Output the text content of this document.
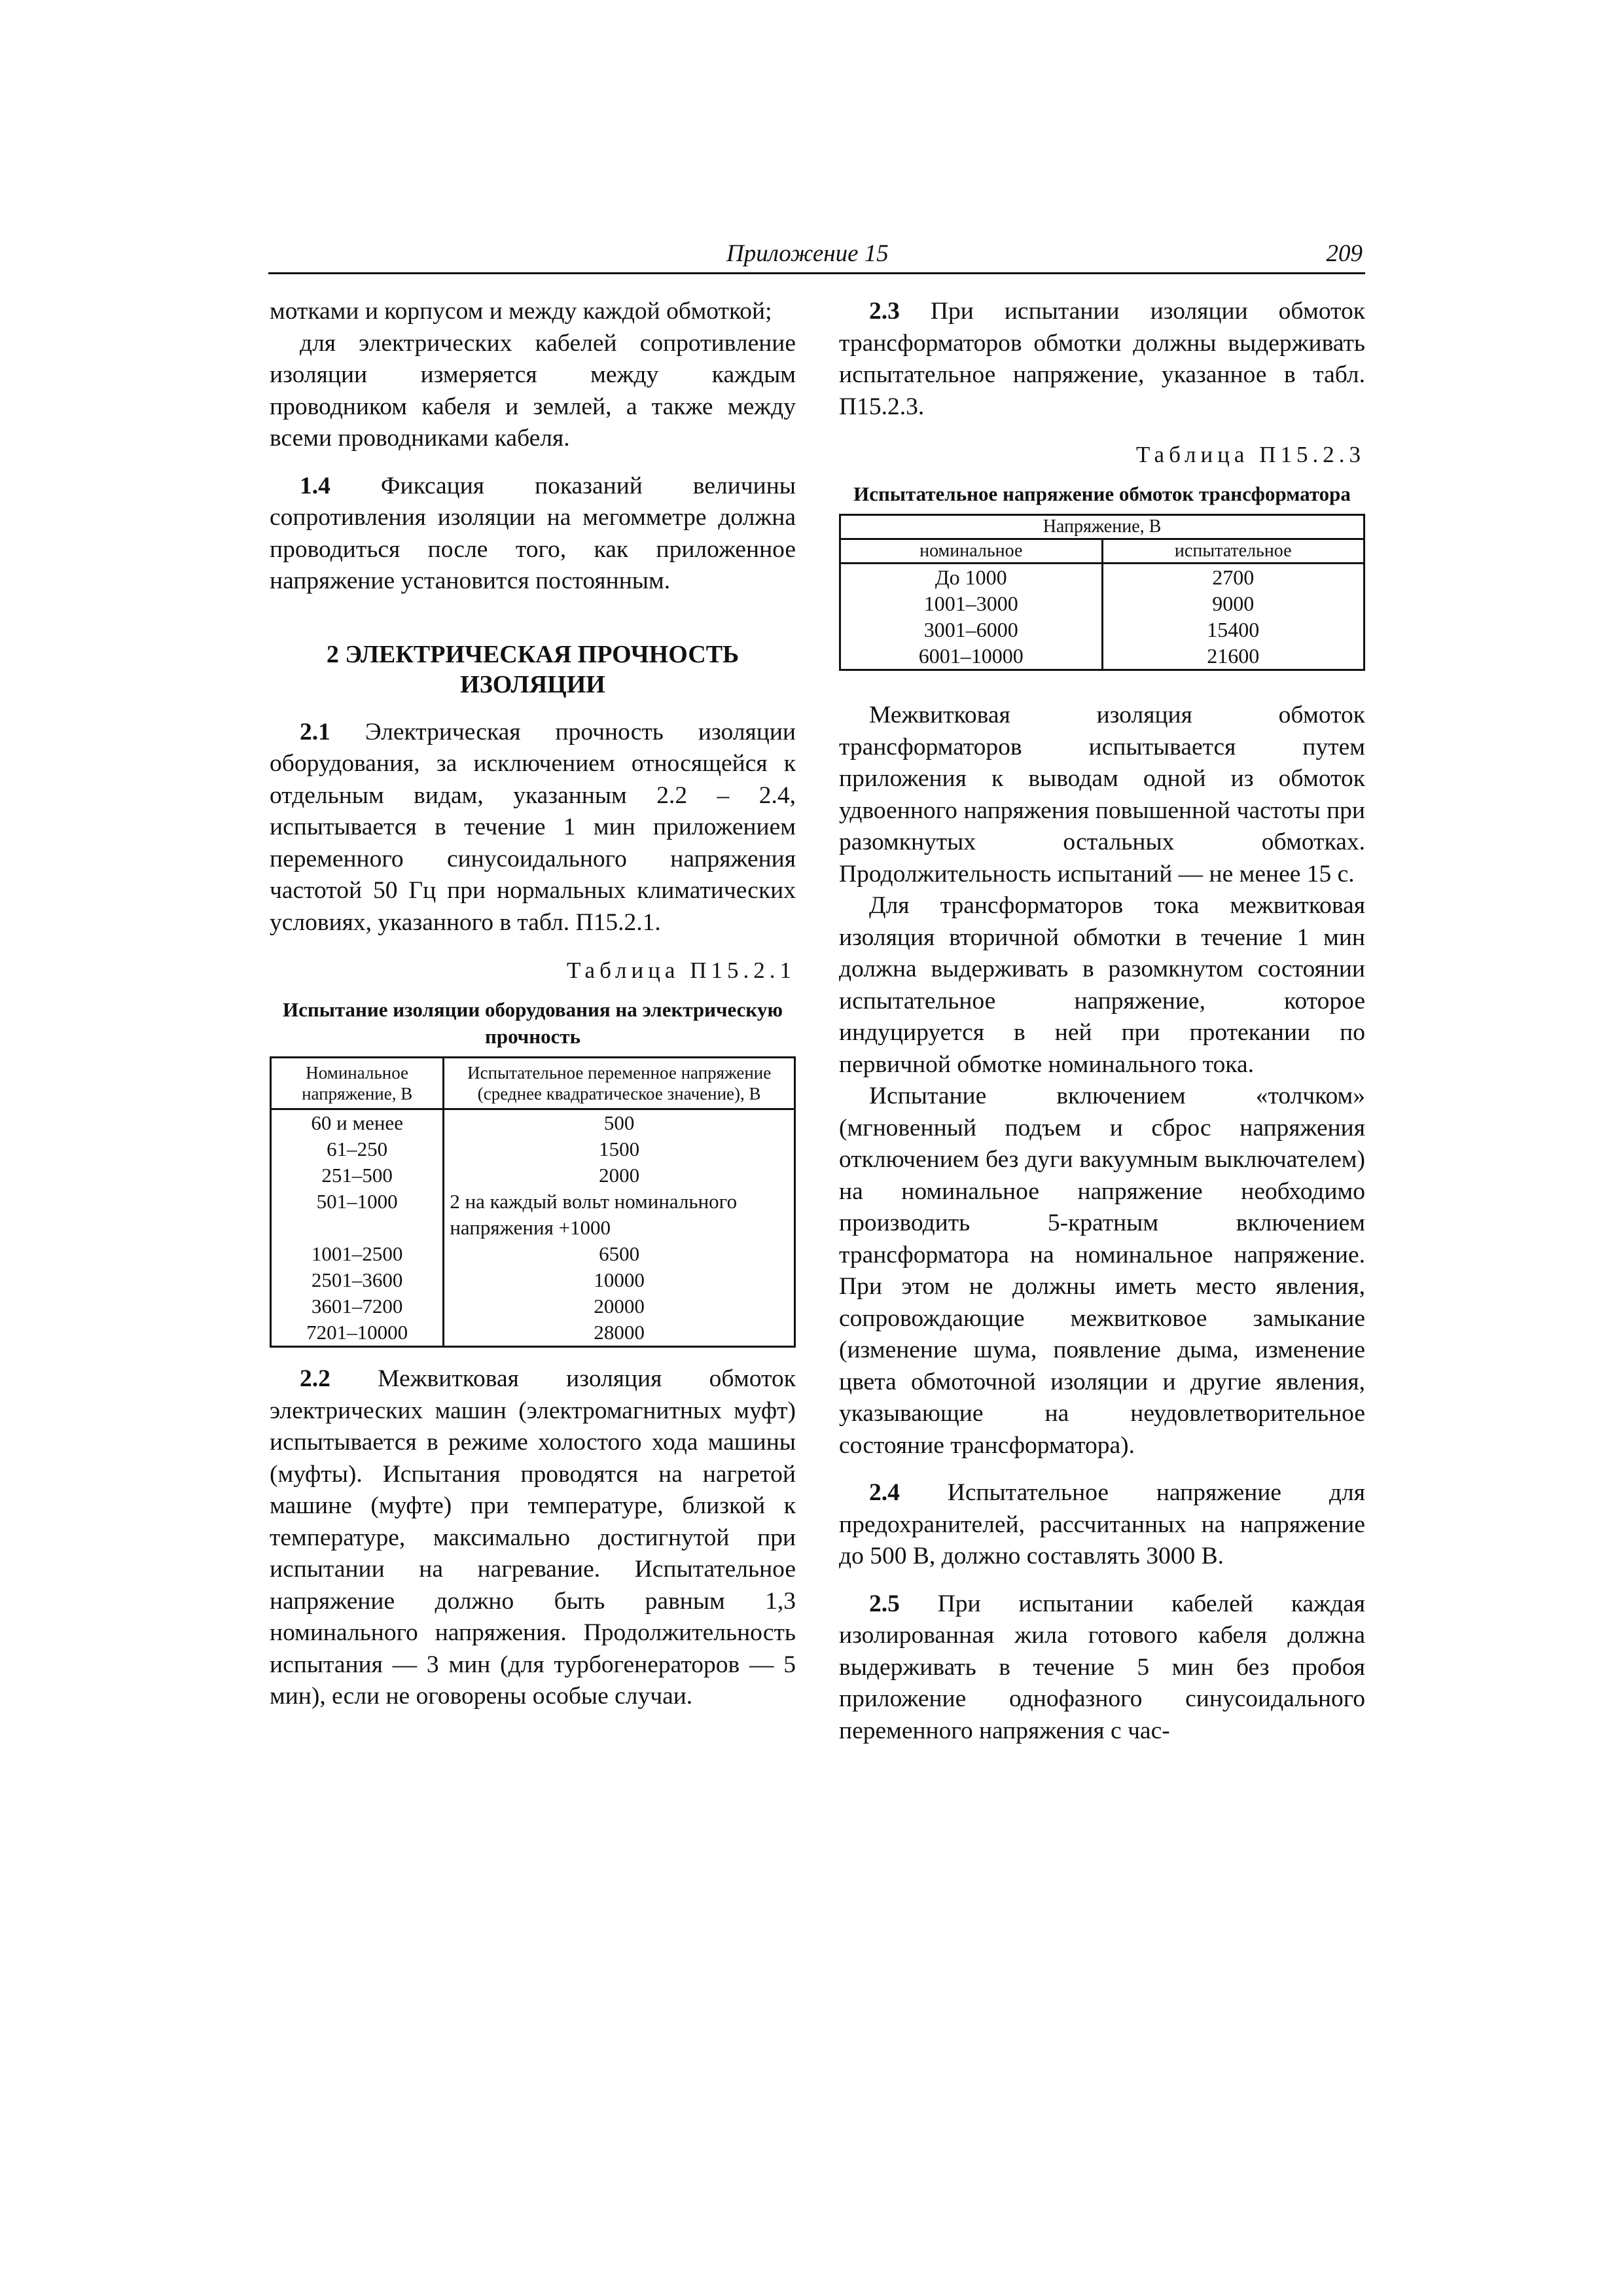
Приложение 15	209

мотками и корпусом и между каждой обмоткой;

для электрических кабелей сопротивление изоляции измеряется между каждым проводником кабеля и землей, а также между всеми проводниками кабеля.

1.4 Фиксация показаний величины сопротивления изоляции на мегомметре должна проводиться после того, как приложенное напряжение установится постоянным.

2 ЭЛЕКТРИЧЕСКАЯ ПРОЧНОСТЬ ИЗОЛЯЦИИ

2.1 Электрическая прочность изоляции оборудования, за исключением относящейся к отдельным видам, указанным 2.2 – 2.4, испытывается в течение 1 мин приложением переменного синусоидального напряжения частотой 50 Гц при нормальных климатических условиях, указанного в табл. П15.2.1.

Таблица П15.2.1
Испытание изоляции оборудования на электрическую прочность
Номинальное напряжение, В	Испытательное переменное напряжение (среднее квадратическое значение), В
60 и менее	500
61–250	1500
251–500	2000
501–1000	2 на каждый вольт номинального напряжения +1000
1001–2500	6500
2501–3600	10000
3601–7200	20000
7201–10000	28000

2.2 Межвитковая изоляция обмоток электрических машин (электромагнитных муфт) испытывается в режиме холостого хода машины (муфты). Испытания проводятся на нагретой машине (муфте) при температуре, близкой к температуре, максимально достигнутой при испытании на нагревание. Испытательное напряжение должно быть равным 1,3 номинального напряжения. Продолжительность испытания — 3 мин (для турбогенераторов — 5 мин), если не оговорены особые случаи.

2.3 При испытании изоляции обмоток трансформаторов обмотки должны выдерживать испытательное напряжение, указанное в табл. П15.2.3.

Таблица П15.2.3
Испытательное напряжение обмоток трансформатора
Напряжение, В	
номинальное	испытательное
До 1000	2700
1001–3000	9000
3001–6000	15400
6001–10000	21600

Межвитковая изоляция обмоток трансформаторов испытывается путем приложения к выводам одной из обмоток удвоенного напряжения повышенной частоты при разомкнутых остальных обмотках. Продолжительность испытаний — не менее 15 с.

Для трансформаторов тока межвитковая изоляция вторичной обмотки в течение 1 мин должна выдерживать в разомкнутом состоянии испытательное напряжение, которое индуцируется в ней при протекании по первичной обмотке номинального тока.

Испытание включением «толчком» (мгновенный подъем и сброс напряжения отключением без дуги вакуумным выключателем) на номинальное напряжение необходимо производить 5-кратным включением трансформатора на номинальное напряжение. При этом не должны иметь место явления, сопровождающие межвитковое замыкание (изменение шума, появление дыма, изменение цвета обмоточной изоляции и другие явления, указывающие на неудовлетворительное состояние трансформатора).

2.4 Испытательное напряжение для предохранителей, рассчитанных на напряжение до 500 В, должно составлять 3000 В.

2.5 При испытании кабелей каждая изолированная жила готового кабеля должна выдерживать в течение 5 мин без пробоя приложение однофазного синусоидального переменного напряжения с час-
